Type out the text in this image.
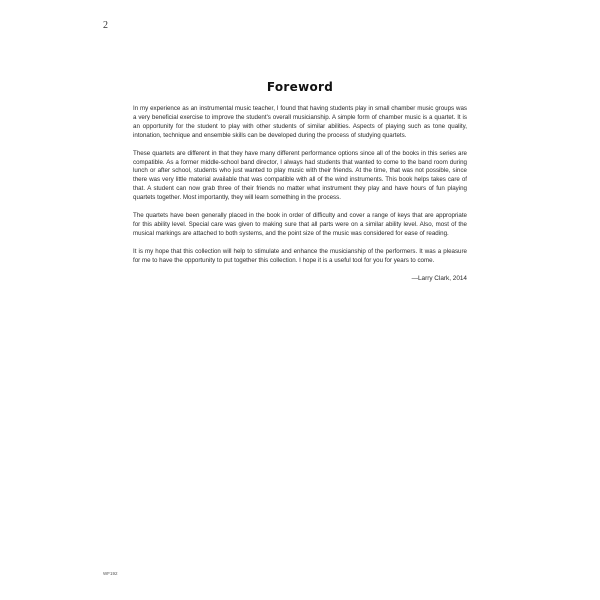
2
Foreword

In my experience as an instrumental music teacher, I found that having students play in small chamber music groups was a very beneficial exercise to improve the student's overall musicianship. A simple form of chamber music is a quartet. It is an opportunity for the student to play with other students of similar abilities. Aspects of playing such as tone quality, intonation, technique and ensemble skills can be developed during the process of studying quartets.

These quartets are different in that they have many different performance options since all of the books in this series are compatible. As a former middle-school band director, I always had students that wanted to come to the band room during lunch or after school, students who just wanted to play music with their friends. At the time, that was not possible, since there was very little material available that was compatible with all of the wind instruments. This book helps takes care of that. A student can now grab three of their friends no matter what instrument they play and have hours of fun playing quartets together. Most importantly, they will learn something in the process.

The quartets have been generally placed in the book in order of difficulty and cover a range of keys that are appropriate for this ability level. Special care was given to making sure that all parts were on a similar ability level. Also, most of the musical markings are attached to both systems, and the point size of the music was considered for ease of reading.

It is my hope that this collection will help to stimulate and enhance the musicianship of the performers. It was a pleasure for me to have the opportunity to put together this collection. I hope it is a useful tool for you for years to come.

—Larry Clark, 2014
WF192
